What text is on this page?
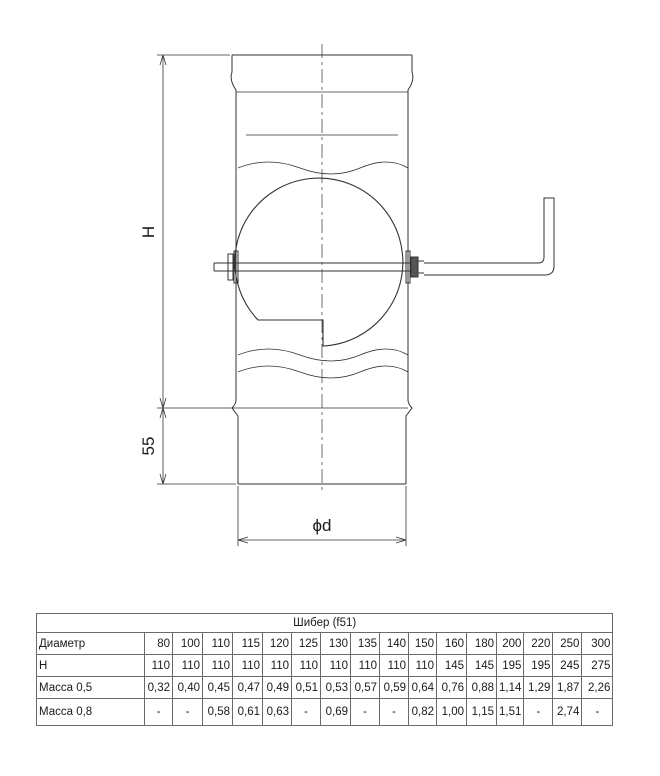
H
55
ϕd
Шибер (f51)																
Диаметр	80	100	110	115	120	125	130	135	140	150	160	180	200	220	250	300
H	110	110	110	110	110	110	110	110	110	110	145	145	195	195	245	275
Масса 0,5	0,32	0,40	0,45	0,47	0,49	0,51	0,53	0,57	0,59	0,64	0,76	0,88	1,14	1,29	1,87	2,26
Масса 0,8	-	-	0,58	0,61	0,63	-	0,69	-	-	0,82	1,00	1,15	1,51	-	2,74	-
